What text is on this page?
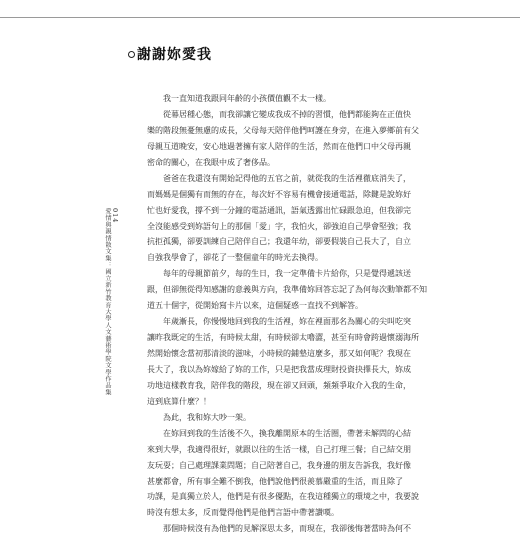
謝謝妳愛我
014
愛情與親情散文集：國立新竹教育大學人文藝術學院文學作品集
　　我一直知道我跟同年齡的小孩價值觀不太一樣。
　　從幕居種心態，而我卻讓它變成我成不掉的習慣，他們都能夠在正值快
樂的階段無憂無慮的成長，父母每天陪伴他們呵護在身旁，在進入夢鄉前有父
母親互道晚安，安心地過著擁有家人陪伴的生活，然而在他們口中父母再親
密命的關心，在我眼中成了奢侈品。
　　爸爸在我還沒有開始記得他的五官之前，就從我的生活裡徹底消失了，
而媽媽是個獨有而無的存在，每次好不容易有機會接通電話，除鍵是說妳好
忙也好愛我，撐不到一分鐘的電話通訊，語氣透露出忙碌跟急迫，但我卻完
全沒能感受到妳語句上的那個「愛」字，我怕火，卻強迫自己學會堅強；我
抗拒孤獨，卻要訓練自己陪伴自己；我還年幼，卻要假裝自己長大了，自立
自強我學會了，卻花了一整個童年的時光去換得。
　　每年的母親節前夕，每的生日，我一定準備卡片給你，只是覺得遞該送
跟，但卻無從得知感謝的意義與方向，我準備妳回答忘記了為何每次動筆都不知
道五十個字，從開始寫卡片以來，這個疑惑一直找不到解答。
　　年歲漸長，你慢慢地回到我的生活裡，妳在裡面那名為關心的尖叫吃突
讓昨我既定的生活，有時候太甜，有時候卻太嚕澀，甚至有時會跨過懷溺海所
然開始懷念當初那清淡的滋味，小時候的鋪墊這麼多，那又如何呢？我現在
長大了，我以為妳嫁給了妳的工作，只是把我當成理財投資抉擇長大，妳成
功地這樣教育我，陪伴我的階段，現在卻又回頭，頻頻爭取介入我的生命，
這到底算什麼？！
　　為此，我和妳大吵一架。
　　在妳回到我的生活後不久，換我離開原本的生活圈，帶著未解問的心結
來到大學，我適得很好，就跟以往的生活一樣，自己打理三餐；自己結交朋
友玩耍；自己處理課業問題；自己陪著自己，我身邊的朋友告訴我，我好像
甚麼都會，所有事全難不倒我，他們說他們很羨慕嚴重的生活，而且除了
功課，是真獨立於人，他們是有很多優點，在我這種獨立的環境之中，我要說
時沒有想太多，反而覺得他們是他們言語中帶著讚嘆。
　　那個時候沒有為他們的見解深思太多，而現在，我卻後悔著當時為何不
